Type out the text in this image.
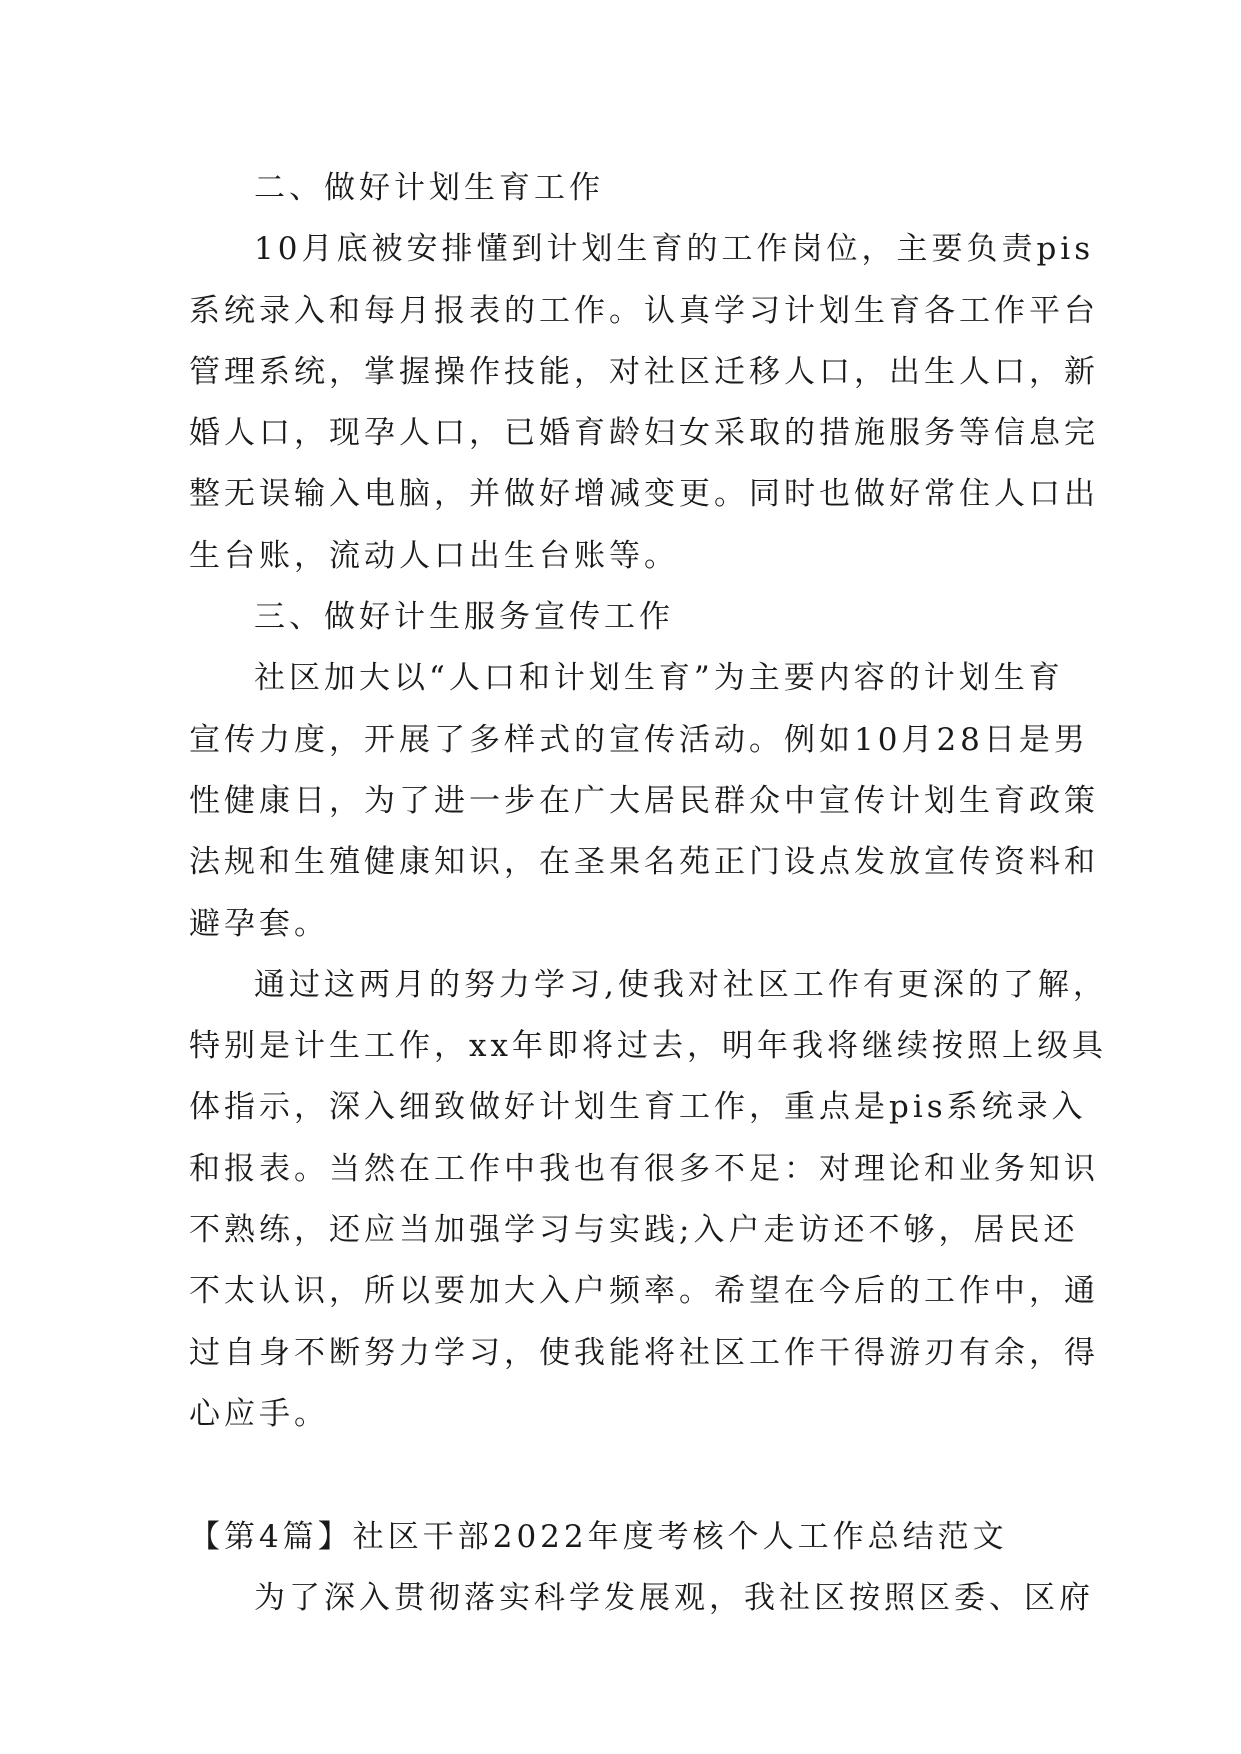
二、做好计划生育工作
10月底被安排懂到计划生育的工作岗位，主要负责pis
系统录入和每月报表的工作。认真学习计划生育各工作平台
管理系统，掌握操作技能，对社区迁移人口，出生人口，新
婚人口，现孕人口，已婚育龄妇女采取的措施服务等信息完
整无误输入电脑，并做好增减变更。同时也做好常住人口出
生台账，流动人口出生台账等。
三、做好计生服务宣传工作
社区加大以“人口和计划生育”为主要内容的计划生育
宣传力度，开展了多样式的宣传活动。例如10月28日是男
性健康日，为了进一步在广大居民群众中宣传计划生育政策
法规和生殖健康知识，在圣果名苑正门设点发放宣传资料和
避孕套。
通过这两月的努力学习,使我对社区工作有更深的了解，
特别是计生工作，xx年即将过去，明年我将继续按照上级具
体指示，深入细致做好计划生育工作，重点是pis系统录入
和报表。当然在工作中我也有很多不足：对理论和业务知识
不熟练，还应当加强学习与实践;入户走访还不够，居民还
不太认识，所以要加大入户频率。希望在今后的工作中，通
过自身不断努力学习，使我能将社区工作干得游刃有余，得
心应手。
【第4篇】社区干部2022年度考核个人工作总结范文
为了深入贯彻落实科学发展观，我社区按照区委、区府
